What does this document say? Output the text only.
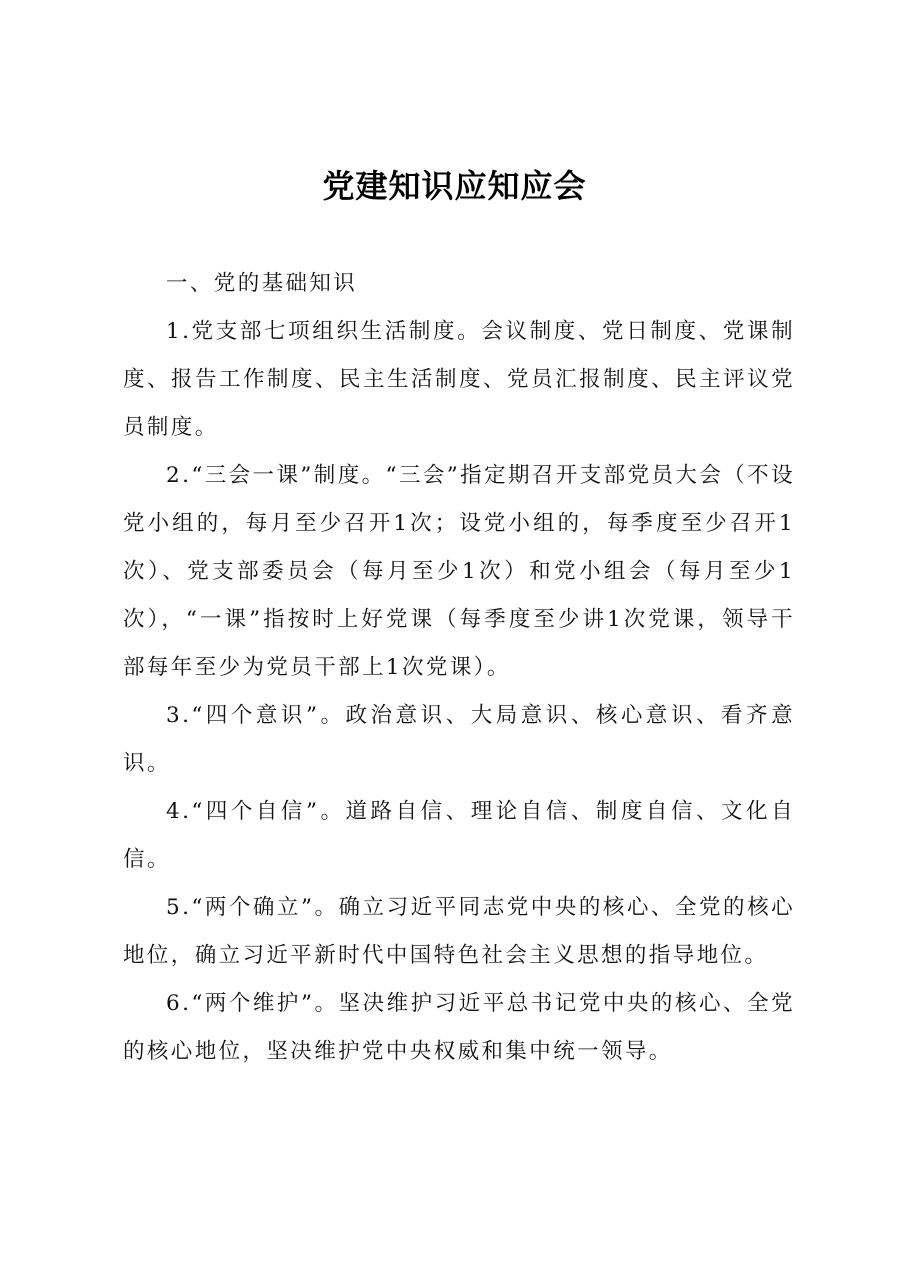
党建知识应知应会

一、党的基础知识

1.党支部七项组织生活制度。会议制度、党日制度、党课制度、报告工作制度、民主生活制度、党员汇报制度、民主评议党员制度。

2.“三会一课”制度。“三会”指定期召开支部党员大会（不设党小组的，每月至少召开1次；设党小组的，每季度至少召开1次）、党支部委员会（每月至少1次）和党小组会（每月至少1次），“一课”指按时上好党课（每季度至少讲1次党课，领导干部每年至少为党员干部上1次党课）。

3.“四个意识”。政治意识、大局意识、核心意识、看齐意识。

4.“四个自信”。道路自信、理论自信、制度自信、文化自信。

5.“两个确立”。确立习近平同志党中央的核心、全党的核心地位，确立习近平新时代中国特色社会主义思想的指导地位。

6.“两个维护”。坚决维护习近平总书记党中央的核心、全党的核心地位，坚决维护党中央权威和集中统一领导。
